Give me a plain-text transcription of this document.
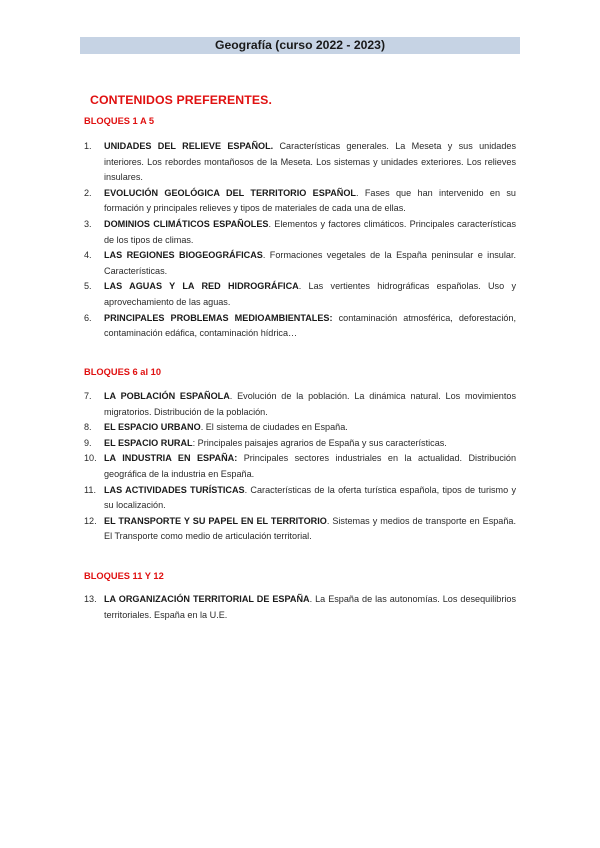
Geografía (curso 2022 - 2023)
CONTENIDOS PREFERENTES.
BLOQUES 1 A 5
1. UNIDADES DEL RELIEVE ESPAÑOL. Características generales. La Meseta y sus unidades interiores. Los rebordes montañosos de la Meseta. Los sistemas y unidades exteriores. Los relieves insulares.
2. EVOLUCIÓN GEOLÓGICA DEL TERRITORIO ESPAÑOL. Fases que han intervenido en su formación y principales relieves y tipos de materiales de cada una de ellas.
3. DOMINIOS CLIMÁTICOS ESPAÑOLES. Elementos y factores climáticos. Principales características de los tipos de climas.
4. LAS REGIONES BIOGEOGRÁFICAS. Formaciones vegetales de la España peninsular e insular. Características.
5. LAS AGUAS Y LA RED HIDROGRÁFICA. Las vertientes hidrográficas españolas. Uso y aprovechamiento de las aguas.
6. PRINCIPALES PROBLEMAS MEDIOAMBIENTALES: contaminación atmosférica, deforestación, contaminación edáfica, contaminación hídrica…
BLOQUES 6 al 10
7. LA POBLACIÓN ESPAÑOLA. Evolución de la población. La dinámica natural. Los movimientos migratorios. Distribución de la población.
8. EL ESPACIO URBANO. El sistema de ciudades en España.
9. EL ESPACIO RURAL: Principales paisajes agrarios de España y sus características.
10. LA INDUSTRIA EN ESPAÑA: Principales sectores industriales en la actualidad. Distribución geográfica de la industria en España.
11. LAS ACTIVIDADES TURÍSTICAS. Características de la oferta turística española, tipos de turismo y su localización.
12. EL TRANSPORTE Y SU PAPEL EN EL TERRITORIO. Sistemas y medios de transporte en España. El Transporte como medio de articulación territorial.
BLOQUES 11 Y 12
13. LA ORGANIZACIÓN TERRITORIAL DE ESPAÑA. La España de las autonomías. Los desequilibrios territoriales. España en la U.E.
